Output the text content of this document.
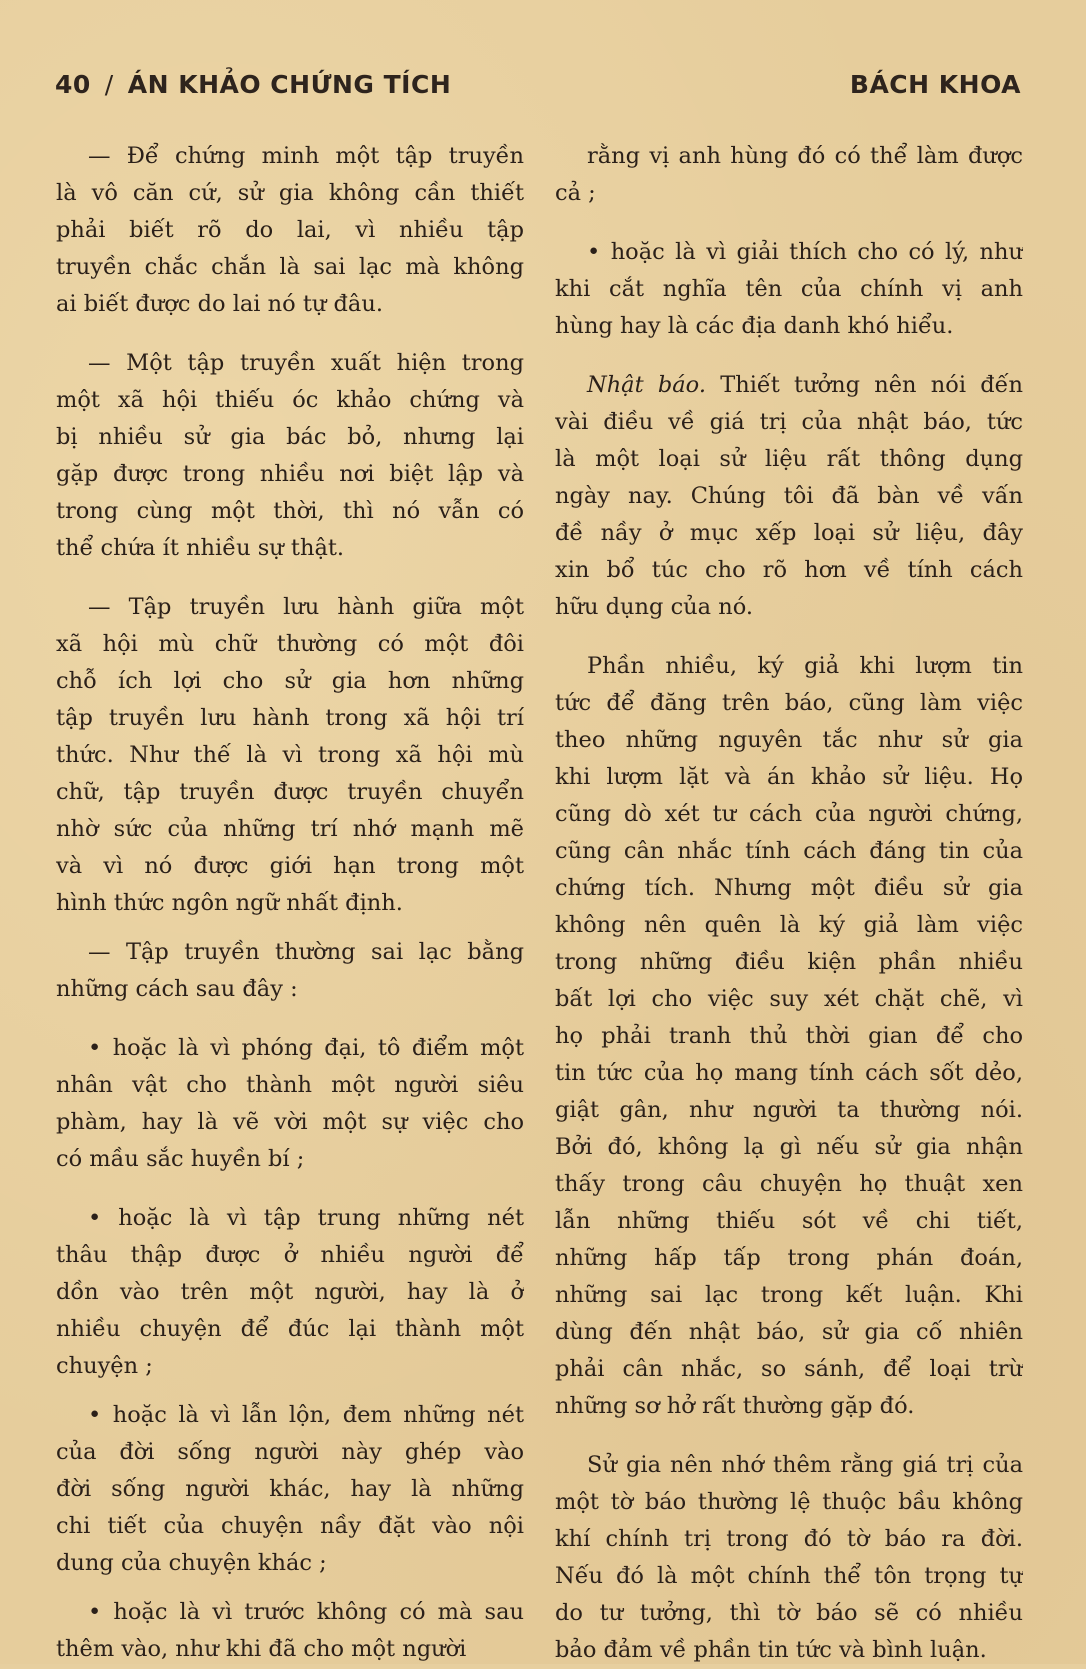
40 / ÁN KHẢO CHỨNG TÍCH	BÁCH KHOA
— Để chứng minh một tập truyền
là vô căn cứ, sử gia không cần thiết
phải biết rõ do lai, vì nhiều tập
truyền chắc chắn là sai lạc mà không
ai biết được do lai nó tự đâu.
— Một tập truyền xuất hiện trong
một xã hội thiếu óc khảo chứng và
bị nhiều sử gia bác bỏ, nhưng lại
gặp được trong nhiều nơi biệt lập và
trong cùng một thời, thì nó vẫn có
thể chứa ít nhiều sự thật.
— Tập truyền lưu hành giữa một
xã hội mù chữ thường có một đôi
chỗ ích lợi cho sử gia hơn những
tập truyền lưu hành trong xã hội trí
thức. Như thế là vì trong xã hội mù
chữ, tập truyền được truyền chuyển
nhờ sức của những trí nhớ mạnh mẽ
và vì nó được giới hạn trong một
hình thức ngôn ngữ nhất định.
— Tập truyền thường sai lạc bằng
những cách sau đây :
• hoặc là vì phóng đại, tô điểm một
nhân vật cho thành một người siêu
phàm, hay là vẽ vời một sự việc cho
có mầu sắc huyền bí ;
• hoặc là vì tập trung những nét
thâu thập được ở nhiều người để
dồn vào trên một người, hay là ở
nhiều chuyện để đúc lại thành một
chuyện ;
• hoặc là vì lẫn lộn, đem những nét
của đời sống người này ghép vào
đời sống người khác, hay là những
chi tiết của chuyện nầy đặt vào nội
dung của chuyện khác ;
• hoặc là vì trước không có mà sau
thêm vào, như khi đã cho một người
rằng vị anh hùng đó có thể làm được
cả ;
• hoặc là vì giải thích cho có lý, như
khi cắt nghĩa tên của chính vị anh
hùng hay là các địa danh khó hiểu.
Nhật báo. Thiết tưởng nên nói đến
vài điều về giá trị của nhật báo, tức
là một loại sử liệu rất thông dụng
ngày nay. Chúng tôi đã bàn về vấn
đề nầy ở mục xếp loại sử liệu, đây
xin bổ túc cho rõ hơn về tính cách
hữu dụng của nó.
Phần nhiều, ký giả khi lượm tin
tức để đăng trên báo, cũng làm việc
theo những nguyên tắc như sử gia
khi lượm lặt và án khảo sử liệu. Họ
cũng dò xét tư cách của người chứng,
cũng cân nhắc tính cách đáng tin của
chứng tích. Nhưng một điều sử gia
không nên quên là ký giả làm việc
trong những điều kiện phần nhiều
bất lợi cho việc suy xét chặt chẽ, vì
họ phải tranh thủ thời gian để cho
tin tức của họ mang tính cách sốt dẻo,
giật gân, như người ta thường nói.
Bởi đó, không lạ gì nếu sử gia nhận
thấy trong câu chuyện họ thuật xen
lẫn những thiếu sót về chi tiết,
những hấp tấp trong phán đoán,
những sai lạc trong kết luận. Khi
dùng đến nhật báo, sử gia cố nhiên
phải cân nhắc, so sánh, để loại trừ
những sơ hở rất thường gặp đó.
Sử gia nên nhớ thêm rằng giá trị của
một tờ báo thường lệ thuộc bầu không
khí chính trị trong đó tờ báo ra đời.
Nếu đó là một chính thể tôn trọng tự
do tư tưởng, thì tờ báo sẽ có nhiều
bảo đảm về phần tin tức và bình luận.
